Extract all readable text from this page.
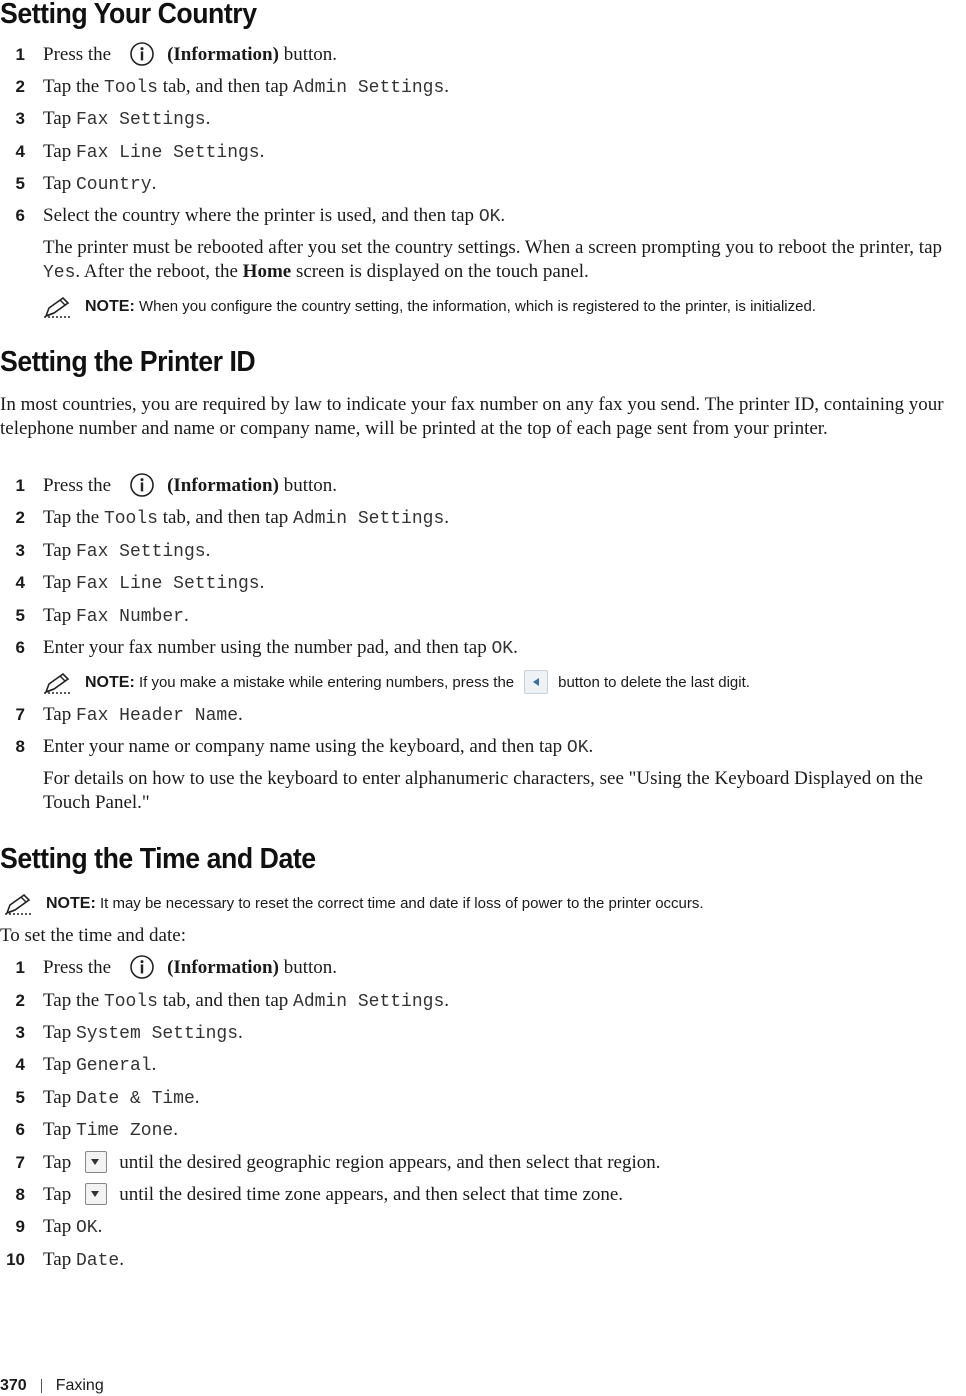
Setting Your Country
1 Press the	(Information) button.
2 Tap the Tools tab, and then tap Admin Settings.
3 Tap Fax Settings.
4 Tap Fax Line Settings.
5 Tap Country.
6 Select the country where the printer is used, and then tap OK.
The printer must be rebooted after you set the country settings. When a screen prompting you to reboot the printer, tap Yes. After the reboot, the Home screen is displayed on the touch panel.
NOTE: When you configure the country setting, the information, which is registered to the printer, is initialized.
Setting the Printer ID
In most countries, you are required by law to indicate your fax number on any fax you send. The printer ID, containing your telephone number and name or company name, will be printed at the top of each page sent from your printer.
1 Press the	(Information) button.
2 Tap the Tools tab, and then tap Admin Settings.
3 Tap Fax Settings.
4 Tap Fax Line Settings.
5 Tap Fax Number.
6 Enter your fax number using the number pad, and then tap OK.
NOTE: If you make a mistake while entering numbers, press the	button to delete the last digit.
7 Tap Fax Header Name.
8 Enter your name or company name using the keyboard, and then tap OK.
For details on how to use the keyboard to enter alphanumeric characters, see "Using the Keyboard Displayed on the Touch Panel."
Setting the Time and Date
NOTE: It may be necessary to reset the correct time and date if loss of power to the printer occurs.
To set the time and date:
1 Press the	(Information) button.
2 Tap the Tools tab, and then tap Admin Settings.
3 Tap System Settings.
4 Tap General.
5 Tap Date & Time.
6 Tap Time Zone.
7 Tap	until the desired geographic region appears, and then select that region.
8 Tap	until the desired time zone appears, and then select that time zone.
9 Tap OK.
10 Tap Date.
370 Faxing
